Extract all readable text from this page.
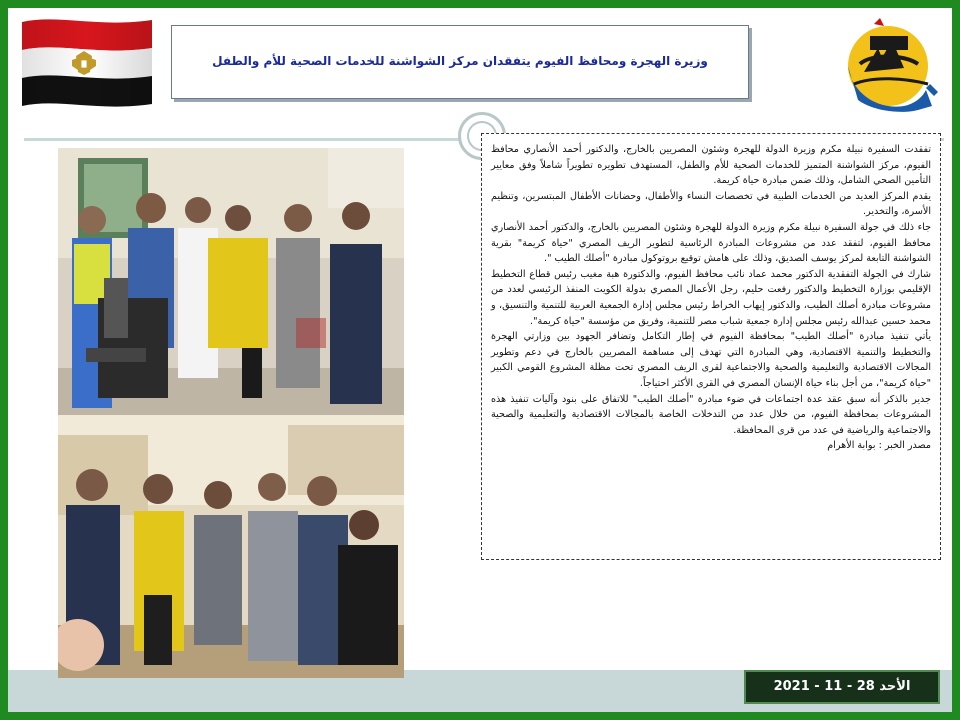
وزيرة الهجرة ومحافظ الفيوم يتفقدان مركز الشواشنة للخدمات الصحية للأم والطفل

تفقدت السفيرة نبيلة مكرم وزيرة الدولة للهجرة وشئون المصريين بالخارج، والدكتور أحمد الأنصاري محافظ الفيوم، مركز الشواشنة المتميز للخدمات الصحية للأم والطفل، المستهدف تطويره تطويراً شاملاً وفق معايير التأمين الصحي الشامل، وذلك ضمن مبادرة حياة كريمة.

يقدم المركز العديد من الخدمات الطبية في تخصصات النساء والأطفال، وحضانات الأطفال المبتسرين، وتنظيم الأسرة، والتخدير.

جاء ذلك في جولة السفيرة نبيلة مكرم وزيرة الدولة للهجرة وشئون المصريين بالخارج، والدكتور أحمد الأنصاري محافظ الفيوم، لتفقد عدد من مشروعات المبادرة الرئاسية لتطوير الريف المصري "حياة كريمة" بقرية الشواشنة التابعة لمركز يوسف الصديق، وذلك على هامش توقيع بروتوكول مبادرة "أصلك الطيب ".

شارك في الجولة التفقدية الدكتور محمد عماد نائب محافظ الفيوم، والدكتورة هبة مغيب رئيس قطاع التخطيط الإقليمي بوزارة التخطيط والدكتور رفعت حليم، رجل الأعمال المصري بدولة الكويت المنفذ الرئيسي لعدد من مشروعات مبادرة أصلك الطيب، والدكتور إيهاب الخراط رئيس مجلس إدارة الجمعية العربية للتنمية والتنسيق، و محمد حسين عبدالله رئيس مجلس إدارة جمعية شباب مصر للتنمية، وفريق من مؤسسة "حياة كريمة".

يأتي تنفيذ مبادرة "أصلك الطيب" بمحافظة الفيوم في إطار التكامل وتضافر الجهود بين وزارتي الهجرة والتخطيط والتنمية الاقتصادية، وهي المبادرة التي تهدف إلى مساهمة المصريين بالخارج في دعم وتطوير المجالات الاقتصادية والتعليمية والصحية والاجتماعية لقرى الريف المصري تحت مظلة المشروع القومي الكبير "حياة كريمة"، من أجل بناء حياة الإنسان المصري في القرى الأكثر احتياجاً.

جدير بالذكر أنه سبق عقد عدة اجتماعات في ضوء مبادرة "أصلك الطيب" للاتفاق على بنود وآليات تنفيذ هذه المشروعات بمحافظة الفيوم، من خلال عدد من التدخلات الخاصة بالمجالات الاقتصادية والتعليمية والصحية والاجتماعية والرياضية في عدد من قرى المحافظة.

مصدر الخبر : بوابة الأهرام

الأحد 28 - 11 - 2021
